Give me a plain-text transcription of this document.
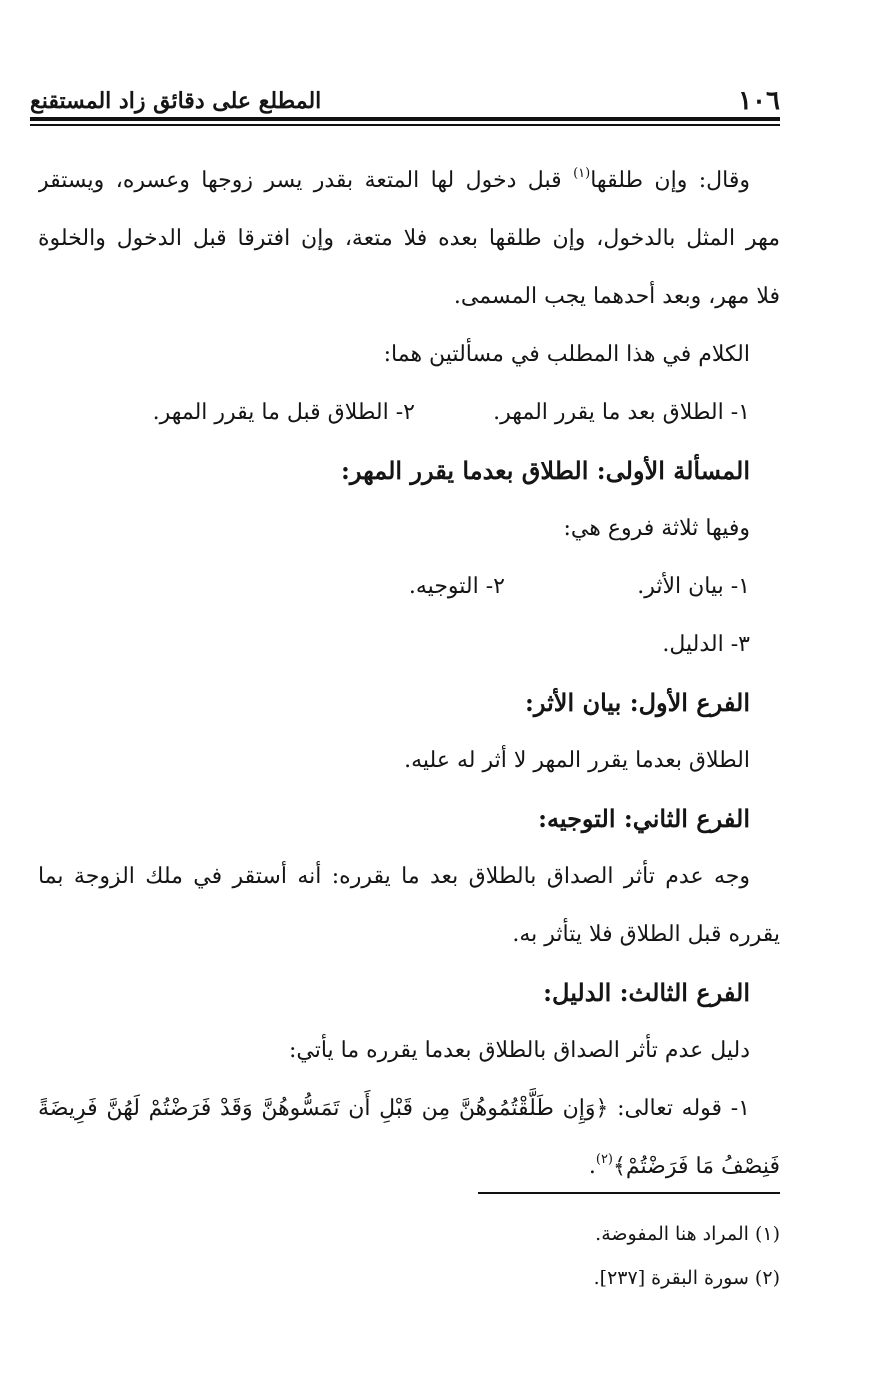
١٠٦
المطلع على دقائق زاد المستقنع
وقال: وإن طلقها$^{(١)}$ قبل دخول لها المتعة بقدر يسر زوجها وعسره، ويستقر
مهر المثل بالدخول، وإن طلقها بعده فلا متعة، وإن افترقا قبل الدخول والخلوة
فلا مهر، وبعد أحدهما يجب المسمى.
الكلام في هذا المطلب في مسألتين هما:
١- الطلاق بعد ما يقرر المهر.
٢- الطلاق قبل ما يقرر المهر.
المسألة الأولى: الطلاق بعدما يقرر المهر:
وفيها ثلاثة فروع هي:
١- بيان الأثر.
٢- التوجيه.
٣- الدليل.
الفرع الأول: بيان الأثر:
الطلاق بعدما يقرر المهر لا أثر له عليه.
الفرع الثاني: التوجيه:
وجه عدم تأثر الصداق بالطلاق بعد ما يقرره: أنه أستقر في ملك الزوجة بما
يقرره قبل الطلاق فلا يتأثر به.
الفرع الثالث: الدليل:
دليل عدم تأثر الصداق بالطلاق بعدما يقرره ما يأتي:
١- قوله تعالى: ﴿وَإِن طَلَّقْتُمُوهُنَّ مِن قَبْلِ أَن تَمَسُّوهُنَّ وَقَدْ فَرَضْتُمْ لَهُنَّ فَرِيضَةً
فَنِصْفُ مَا فَرَضْتُمْ﴾$^{(٢)}$.
(١) المراد هنا المفوضة.
(٢) سورة البقرة [٢٣٧].
